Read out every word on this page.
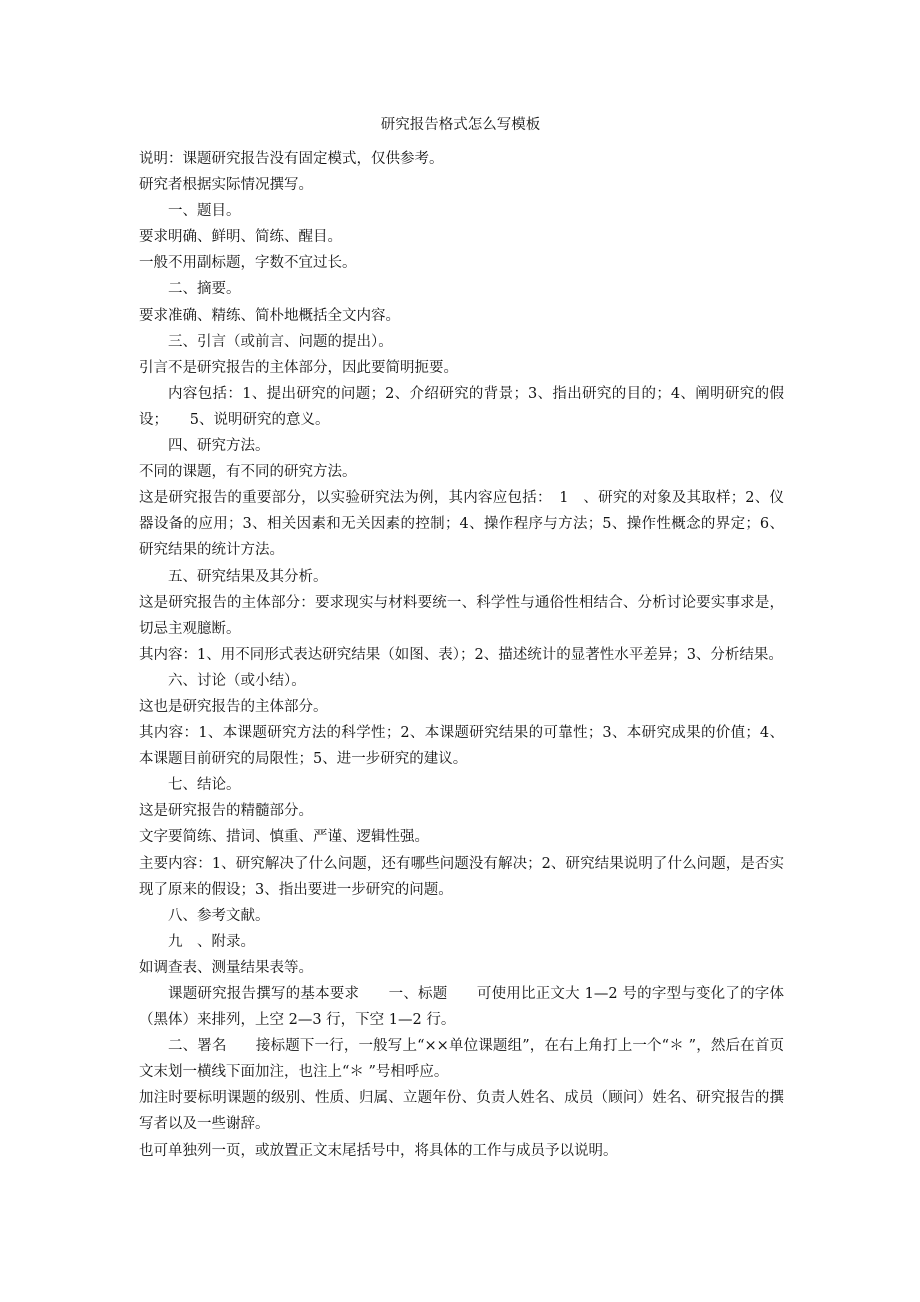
研究报告格式怎么写模板

说明：课题研究报告没有固定模式，仅供参考。

研究者根据实际情况撰写。

一、题目。

要求明确、鲜明、简练、醒目。

一般不用副标题，字数不宜过长。

二、摘要。

要求准确、精练、简朴地概括全文内容。

三、引言（或前言、问题的提出）。

引言不是研究报告的主体部分，因此要简明扼要。

内容包括：1、提出研究的问题；2、介绍研究的背景；3、指出研究的目的；4、阐明研究的假设；　　5、说明研究的意义。

四、研究方法。

不同的课题，有不同的研究方法。

这是研究报告的重要部分，以实验研究法为例，其内容应包括：　1　、研究的对象及其取样；2、仪器设备的应用；3、相关因素和无关因素的控制；4、操作程序与方法；5、操作性概念的界定；6、研究结果的统计方法。

五、研究结果及其分析。

这是研究报告的主体部分：要求现实与材料要统一、科学性与通俗性相结合、分析讨论要实事求是，切忌主观臆断。

其内容：1、用不同形式表达研究结果（如图、表）；2、描述统计的显著性水平差异；3、分析结果。

六、讨论（或小结）。

这也是研究报告的主体部分。

其内容：1、本课题研究方法的科学性；2、本课题研究结果的可靠性；3、本研究成果的价值；4、本课题目前研究的局限性；5、进一步研究的建议。

七、结论。

这是研究报告的精髓部分。

文字要简练、措词、慎重、严谨、逻辑性强。

主要内容：1、研究解决了什么问题，还有哪些问题没有解决；2、研究结果说明了什么问题，是否实现了原来的假设；3、指出要进一步研究的问题。

八、参考文献。

九　、附录。

如调查表、测量结果表等。

课题研究报告撰写的基本要求　　一、标题　　可使用比正文大 1—2 号的字型与变化了的字体（黑体）来排列，上空 2—3 行，下空 1—2 行。

二、署名　　接标题下一行，一般写上“××单位课题组”，在右上角打上一个“＊ ”，然后在首页文末划一横线下面加注，也注上“＊ ”号相呼应。

加注时要标明课题的级别、性质、归属、立题年份、负责人姓名、成员（顾问）姓名、研究报告的撰写者以及一些谢辞。

也可单独列一页，或放置正文末尾括号中，将具体的工作与成员予以说明。
